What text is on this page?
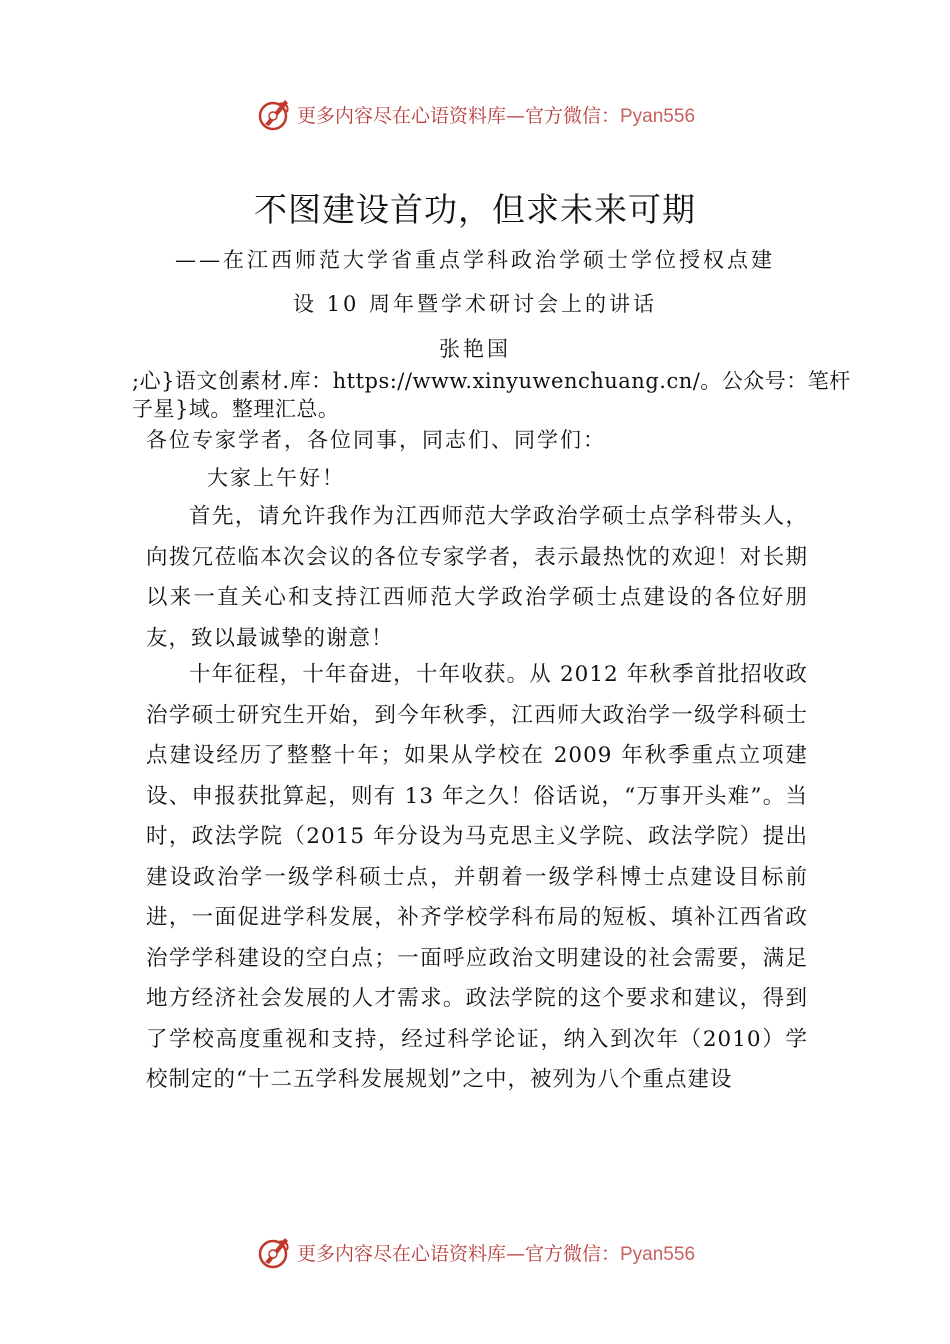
更多内容尽在心语资料库—官方微信：Pyan556
不图建设首功，但求未来可期

——在江西师范大学省重点学科政治学硕士学位授权点建

设 10 周年暨学术研讨会上的讲话

张艳国

;心}语文创素材.库：https://www.xinyuwenchuang.cn/。公众号：笔杆子星}域。整理汇总。

各位专家学者，各位同事，同志们、同学们：

大家上午好！

首先，请允许我作为江西师范大学政治学硕士点学科带头人，向拨冗莅临本次会议的各位专家学者，表示最热忱的欢迎！对长期以来一直关心和支持江西师范大学政治学硕士点建设的各位好朋友，致以最诚挚的谢意！

十年征程，十年奋进，十年收获。从 2012 年秋季首批招收政治学硕士研究生开始，到今年秋季，江西师大政治学一级学科硕士点建设经历了整整十年；如果从学校在 2009 年秋季重点立项建设、申报获批算起，则有 13 年之久！俗话说，“万事开头难”。当时，政法学院（2015 年分设为马克思主义学院、政法学院）提出建设政治学一级学科硕士点，并朝着一级学科博士点建设目标前进，一面促进学科发展，补齐学校学科布局的短板、填补江西省政治学学科建设的空白点；一面呼应政治文明建设的社会需要，满足地方经济社会发展的人才需求。政法学院的这个要求和建议，得到了学校高度重视和支持，经过科学论证，纳入到次年（2010）学校制定的“十二五学科发展规划”之中，被列为八个重点建设

更多内容尽在心语资料库—官方微信：Pyan556
